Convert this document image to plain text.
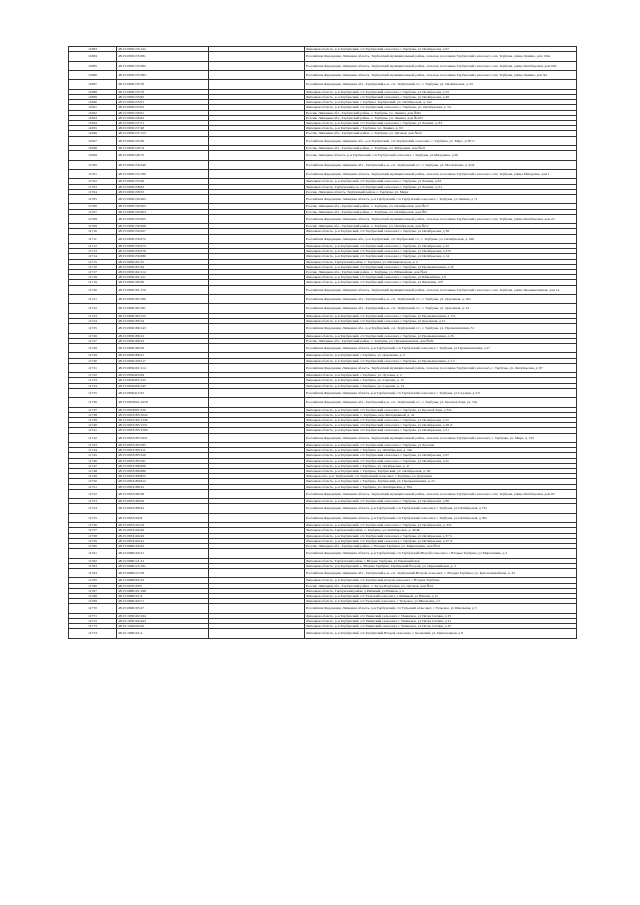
11683	48:15:0950135:142		Липецкая область, р-н Тербунский, с/п Тербунский сельсовет, с Тербуны, ул Октябрьская, д 67
11684	48:15:0950135:381		Российская Федерация, Липецкая область, Тербунский муниципальный район, сельское поселение Тербунский сельсовет, село Тербуны, улица Ленина, дом 134а
11685	48:15:0950135:382		Российская Федерация, Липецкая область, Тербунский муниципальный район, сельское поселение Тербунский сельсовет, село Тербуны, улица Октябрьская, дом 94б
11686	48:15:0950135:383		Российская Федерация, Липецкая область, Тербунский муниципальный район, сельское поселение Тербунский сельсовет, село Тербуны, улица Ленина, дом 94
11687	48:15:0950135:76		Российская Федерация, Липецкая обл., Тербунский р-н, с.п. Тербунский с/с, с. Тербуны, ул. Октябрьская, д. 45
11688	48:15:0950135:79		Липецкая область, р-н Тербунский, с/п Тербунский сельсовет, с Тербуны, ул Октябрьская, д 55
11689	48:15:0950135:82		Липецкая область, р-н Тербунский, с/п Тербунский сельсовет, с Тербуны, ул Октябрьская, д 49
11690	48:15:0950135:91		Липецкая область, р-н Тербунский, с Тербуны, Тербунский, ул. Октябрьская, д. 54а
11691	48:15:0950135:93		Липецкая область, р-н Тербунский, с/п Тербунский сельсовет, с Тербуны, ул. Октябрьская, д. 54
11692	48:15:0950136:61		Россия, Липецкая обл., Тербунский район, с. Тербуны, ул. Ленина, дом №95
11693	48:15:0950136:62		Россия, Липецкая обл., Тербунский район, с. Тербуны, ул. Ленина, дом №103
11694	48:15:0950137:51		Липецкая область, р-н Тербунский, с/п Тербунский сельсовет, с Тербуны, ул Ленина, д. 83
11695	48:15:0950137:48		Липецкая область, р-н Тербунский, с Тербуны, ул. Ленина, д. 93
11696	48:15:0950137:153		Россия, Липецкая обл., Тербунский район, с. Тербуны, ул. Луговая, дом №22
11697	48:15:0950145:36		Российская Федерация, Липецкая обл., р-н Тербунский, с/п Тербунский сельсовет, с. Тербуны, ул. Марс, д.38 'а'
11698	48:15:0950146:74		Россия, Липецкая обл., Тербунский район, с. Тербуны, ул. Мичурина, дом №2а
11699	48:15:0950146:75		Россия, Липецкая область, р-н Тербунский, с/п Тербунский сельсовет, с Тербуны, ул Мичурина, д 26
11700	48:15:0950154:240		Российская Федерация, Липецкая обл., Тербунский р-н, с.п. Тербунский с/с, с. Тербуны, ул. Московская, д. 41Д
11701	48:15:0950155:180		Российская Федерация, Липецкая область, Тербунский муниципальный район, сельское поселение Тербунский сельсовет, село Тербуны, улица Мичурина, дом 1
11702	48:15:0950155:46		Липецкая область, р-н Тербунский, с/п Тербунский сельсовет, с Тербуны, ул Ленина, д 63
11703	48:15:0950158:62		Липецкая область, Тербунский р-н, с/п Тербунский сельсовет, с Тербуны, ул Ленина, д. 61
11704	48:15:0950158:53		Россия, Липецкая область, Тербунский район, с. Тербуны, ул. Мира
11705	48:15:0950159:263		Российская Федерация, Липецкая область, р-н Тербунский, с/п Тербунский сельсовет, с Тербуны, ул Ленина, д 71
11706	48:15:0950159:263		Россия, Липецкая обл., Тербунский район, с. Тербуны, ул. Октябрьская, дом №17
11707	48:15:0950159:264		Россия, Липецкая обл., Тербунский район, с. Тербуны, ул. Октябрьская, дом №5
11708	48:15:0950159:265		Российская Федерация, Липецкая область, Тербунский муниципальный район, сельское поселение Тербунский сельсовет, село Тербуны, улица Октябрьская, дом 2а
11709	48:15:0950159:266		Россия, Липецкая обл., Тербунский район, с. Тербуны, ул. Октябрьская, дом №17
11710	48:15:0950159:267		Липецкая область, р-н Тербунский, с/п Тербунский сельсовет, с Тербуны, ул Октябрьская, д 38
11711	48:15:0950159:272		Российская Федерация, Липецкая обл., р-н Тербунский, с/п Тербунский с/с, с. Тербуны, ул. Октябрьская, д. 196
11712	48:15:0950159:273		Липецкая область, р-н Тербунский, с/п Тербунский сельсовет, с Тербуны, ул Октябрьская, д 25
11713	48:15:0950159:276		Липецкая область, р-н Тербунский, с/п Тербунский сельсовет, с Тербуны, ул Октябрьская, д 27б
11714	48:15:0950159:280		Липецкая область, р-н Тербунский, с/п Тербунский сельсовет, с Тербуны, ул Октябрьская, д 14
11715	48:15:0950161:55		Липецкая область, Тербунский район, с. Тербуны, ул. Механизаторов, д. 2
11716	48:15:0950161:94		Липецкая область, р-н Тербунский, с/п Тербунский сельсовет, с Тербуны, ул Промышленная, д 2б
11717	48:15:0950162:114		Россия, Липецкая обл., Тербунский район, с. Тербуны, ул. Юбилейная, дом №2а
11718	48:15:0950162:121		Липецкая область, р-н Тербунский, с/п Тербунский сельсовет, с Тербуны, ул Юбилейная, д 6
11719	48:15:0950169:30		Липецкая область, р-н Тербунский, с/п Тербунский сельсовет, с Тербуны, ул Щепкина, 27б
11720	48:15:0950181:176		Российская Федерация, Липецкая область, Тербунский муниципальный район, сельское поселение Тербунский сельсовет, село Тербуны, улица Промышленная, дом 14
11721	48:15:0950182:180		Российская Федерация, Липецкая обл., Тербунский р-н, с.п. Тербунский с/с, с. Тербуны, ул. Дорожная, д. 20а
11722	48:15:0950182:181		Российская Федерация, Липецкая обл., Тербунский р-н, с.п. Тербунский с/с, с. Тербуны, ул. Дорожная, д. 22
11723	48:15:0950183:155		Липецкая область, р-н Тербунский, с/п Тербунский сельсовет, с Тербуны, ул Промышленная, д 17а
11724	48:15:0950185:54		Липецкая область, р-н Тербунский, с/п Тербунский сельсовет, с Тербуны, ул Дорожная, д 21
11725	48:15:0950186:143		Российская Федерация, Липецкая обл., р-н Тербунский, с.п. Тербунский с/с, с. Тербуны, ул. Промышленная, 31
11726	48:15:0950186:22		Липецкая область, р-н Тербунский, с/п Тербунский сельсовет, с Тербуны, ул Промышленная, д 25
11727	48:15:0950186:23		Россия, Липецкая обл., Тербунский район, с. Тербуны, ул. Промышленная, дом №29
11728	48:15:0950186:26		Российская Федерация, Липецкая область, р-н Тербунский, с/п Тербунский сельсовет, с Тербуны, ул Промышленная, д 27
11729	48:15:0950189:21		Липецкая область, р-н Тербунский, с Тербуны, ул. Дорожная, д. 5
11730	48:15:0950199:217		Липецкая область, р-н Тербунский, с/п Тербунский сельсовет, с Тербуны, ул Промышленная, д 2 б
11731	48:15:0950201:114		Российская Федерация, Липецкая область, Тербунский муниципальный район, сельское поселение Тербунский сельсовет, с. Тербуны, ул. Октябрьская, д. 87
11732	48:15:0950405:69		Липецкая область, р-н Тербунский, с Тербуны, ул. Луговая, д. 2
11733	48:15:0950405:122		Липецкая область, р-н Тербунский, с Тербуны, ул. Садовая, д. 15
11734	48:15:0950409:143		Липецкая область, р-н Тербунский, с Тербуны, ул. Садовая, д. 13
11735	48:15:0950412:25		Российская Федерация, Липецкая область, р-н Тербунский, с/п Тербунский сельсовет, с Тербуны, ул Садовая, д 2/3
11736	48:15:0953001:1018		Российская Федерация, Липецкая обл., Тербунский р-н, с.п. Тербунский с/с, с. Тербуны, ул. Красная Заря, ул. 33а
11737	48:15:0953001:320		Липецкая область, р-н Тербунский, с/п Тербунский сельсовет, с Тербуны, ул Красная Заря, д 33а
11738	48:15:0953185:1024		Липецкая область, р-н Тербунский, с. Тербуны, пер. Молодежный, д. 2а
11739	48:15:0953185:1539		Липецкая область, р-н Тербунский, с/п Тербунский сельсовет, с Тербуны, ул Октябрьская, д 5а
11740	48:15:0953185:1551		Липецкая область, р-н Тербунский, с/п Тербунский сельсовет, с Тербуны, ул Октябрьская, д 49 'в'
11741	48:15:0953185:1569		Липецкая область, р-н Тербунский, с/п Тербунский сельсовет, с Тербуны, ул Октябрьская, д 51
11742	48:15:0953185:1931		Российская Федерация, Липецкая область, Тербунский муниципальный район, сельское поселение Тербунский сельсовет, с. Тербуны, ул. Мира, д. 15б
11743	48:15:0953185:395		Липецкая область, р-н Тербунский, с/п Тербунский сельсовет, с Тербуны, ул Луговая
11744	48:15:0953185:411		Липецкая область, р-н Тербунский, с Тербуны, ул. Октябрьская, д. 50а
11745	48:15:0953185:520		Липецкая область, р-н Тербунский, с/п Тербунский сельсовет, с Тербуны, ул Октябрьская, д 67
11746	48:15:0953185:591		Липецкая область, р-н Тербунский, с/п Тербунский сельсовет, с Тербуны, ул Октябрьская, д 2а
11747	48:15:0953186:600		Липецкая область, р-н Тербунский, с Тербуны, ул. октябрьская, д. 2г
11748	48:15:0953186:686		Липецкая область, р-н Тербунский, с Тербуны, Тербунский, ул. Октябрьская, д. 56
11749	48:15:0953186:855		Липецкая обл., р-н Тербунский, с/п Тербунский сельсовет, с Тербуны, ул Дорожная
11750	48:15:0953189:812		Липецкая область, р-н Тербунский, с Тербуны, Тербунский, ул. Промышленная, д. 21
11751	48:15:0953189:22		Липецкая область, р-н Тербунский, с Тербуны, ул. Октябрьская, д. 85а
11752	48:15:0953189:38		Российская Федерация, Липецкая область, Тербунский муниципальный район, сельское поселение Тербунский сельсовет, село Тербуны, улица Октябрьская, дом 85
11753	48:15:0953189:39		Липецкая область, р-н Тербунский, с/п Тербунский сельсовет, с Тербуны, ул Октябрьская, д 86
11754	48:15:0953189:42		Российская Федерация, Липецкая область, р-н Тербунский, с/п Тербунский сельсовет, с Тербуны, ул Октябрьская, д 73а
11755	48:15:0953192:8		Российская Федерация, Липецкая область, р-н Тербунский, с/п Тербунский сельсовет, с Тербуны, ул Октябрьская, д 39а
11756	48:15:0953194:19		Липецкая область, р-н Тербунский, с/п Тербунский сельсовет, с Тербуны, ул Октябрьская, д. 35а
11757	48:15:0953194:26		Липецкая область, Тербунский район, с. Тербуны, ул. Октябрьская, д. 40 Ж
11758	48:15:0953194:29		Липецкая область, р-н Тербунский, с/п Тербунский сельсовет, с Тербуны, ул Октябрьская, д 37 б
11759	48:15:0953194:41		Липецкая область, р-н Тербунский, с/п Тербунский сельсовет, с Тербуны, ул Октябрьская, д 37 'в'
11760	48:15:0960104:42		Россия, Липецкая обл., Тербунский район, с. Вторые Тербуны, ул. Мирошника, дом №31
11761	48:15:0960104:31		Российская Федерация, Липецкая область, р-н Тербунский, с/п Тербунский Второй сельсовет, с Вторые Тербуны, ул Мирошника, д 2
11762	48:15:0960121:31		Липецкая область, Тербунский район, с Вторые Тербуны, ул Первомайская
11763	48:15:0960125:191		Липецкая область, р-н Тербунский, с. Вторые Тербуны, Тербунский Второй, ул. Первомайская, д. 5
11764	48:15:0960127:28		Российская Федерация, Липецкая обл., Тербунский р-н, с.п. Тербунский Второй сельсовет, с. Вторые Тербуны, ул. Красноармейская, д. 34
11765	48:15:0960202:32		Липецкая область, р-н Тербунский, с/п Тербунский второй сельсовет, с Вторые Тербуны
11766	48:15:0970109:5		Россия, Липецкая обл., Тербунский район, с. Хутор Березовка, ул. Луговая, дом №51
11767	48:15:0980101:198		Липецкая область, Тербунский район, д Рябиный, ул Южная, д 4
11768	48:15:0980101:4		Липецкая область, р-н Тербунский, с/п Тульский сельсовет, д Рябиный, ул Южная, д 1а
11769	48:15:0990104:71		Липецкая область, р-н Тербунский, с/п Тульский сельсовет, с Тульское, ул Школьная, д 5
11770	48:15:0990105:47		Российская Федерация, Липецкая область, р-н Тербунский, с/п Тульский сельсовет, с Тульское, ул Школьная, д 5
11771	48:15:1030102:194		Липецкая область, р-н Тербунский, с/п Ушинский сельсовет, с Ушинское, ул Петра Сетина, д 35
11772	48:15:1030102:443		Липецкая область, р-н Тербунский, с/п Ушинский сельсовет, с Ушинское, ул Петра Сетина, д 31
11773	48:15:1030204:20		Липецкая область, р-н Тербунский, с/п Ушинский сельсовет, с Ушинское, ул Петра Сетина, д 35
11774	48:15:1090101:4		Липецкая область, р-н Тербунский, с/п Тербунский Второй сельсовет, с Засевский, ул. Центральная, д 8
